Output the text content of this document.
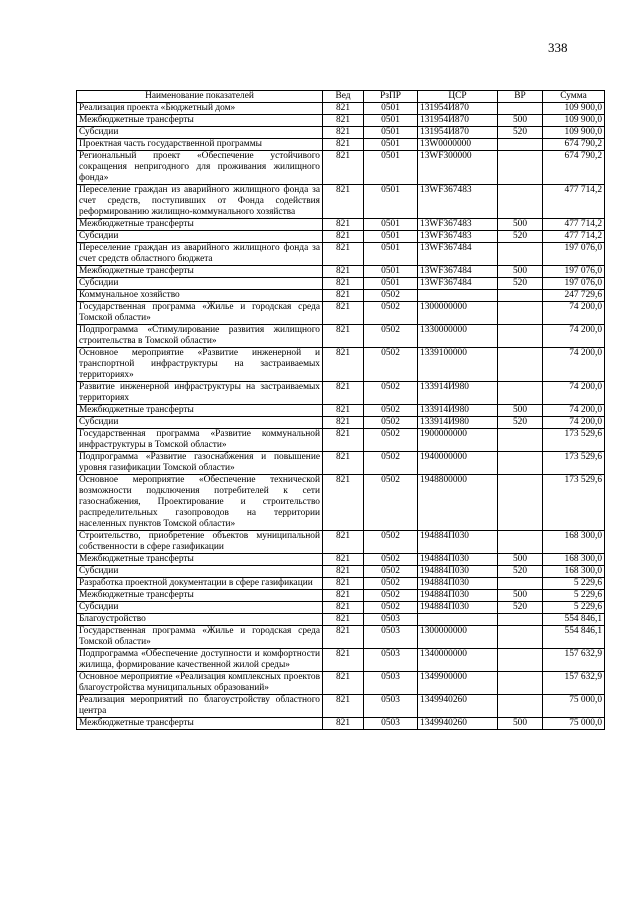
338
Наименование показателей	Вед	РзПР	ЦСР	ВР	Сумма
Реализация проекта «Бюджетный дом»	821	0501	131954И870		109 900,0
Межбюджетные трансферты	821	0501	131954И870	500	109 900,0
Субсидии	821	0501	131954И870	520	109 900,0
Проектная часть государственной программы	821	0501	13W0000000		674 790,2
Региональный проект «Обеспечение устойчивого сокращения непригодного для проживания жилищного фонда»	821	0501	13WF300000		674 790,2
Переселение граждан из аварийного жилищного фонда за счет средств, поступивших от Фонда содействия реформированию жилищно-коммунального хозяйства	821	0501	13WF367483		477 714,2
Межбюджетные трансферты	821	0501	13WF367483	500	477 714,2
Субсидии	821	0501	13WF367483	520	477 714,2
Переселение граждан из аварийного жилищного фонда за счет средств областного бюджета	821	0501	13WF367484		197 076,0
Межбюджетные трансферты	821	0501	13WF367484	500	197 076,0
Субсидии	821	0501	13WF367484	520	197 076,0
Коммунальное хозяйство	821	0502			247 729,6
Государственная программа «Жилье и городская среда Томской области»	821	0502	1300000000		74 200,0
Подпрограмма «Стимулирование развития жилищного строительства в Томской области»	821	0502	1330000000		74 200,0
Основное мероприятие «Развитие инженерной и транспортной инфраструктуры на застраиваемых территориях»	821	0502	1339100000		74 200,0
Развитие инженерной инфраструктуры на застраиваемых территориях	821	0502	133914И980		74 200,0
Межбюджетные трансферты	821	0502	133914И980	500	74 200,0
Субсидии	821	0502	133914И980	520	74 200,0
Государственная программа «Развитие коммунальной инфраструктуры в Томской области»	821	0502	1900000000		173 529,6
Подпрограмма «Развитие газоснабжения и повышение уровня газификации Томской области»	821	0502	1940000000		173 529,6
Основное мероприятие «Обеспечение технической возможности подключения потребителей к сети газоснабжения, Проектирование и строительство распределительных газопроводов на территории населенных пунктов Томской области»	821	0502	1948800000		173 529,6
Строительство, приобретение объектов муниципальной собственности в сфере газификации	821	0502	194884П030		168 300,0
Межбюджетные трансферты	821	0502	194884П030	500	168 300,0
Субсидии	821	0502	194884П030	520	168 300,0
Разработка проектной документации в сфере газификации	821	0502	194884П030		5 229,6
Межбюджетные трансферты	821	0502	194884П030	500	5 229,6
Субсидии	821	0502	194884П030	520	5 229,6
Благоустройство	821	0503			554 846,1
Государственная программа «Жилье и городская среда Томской области»	821	0503	1300000000		554 846,1
Подпрограмма «Обеспечение доступности и комфортности жилища, формирование качественной жилой среды»	821	0503	1340000000		157 632,9
Основное мероприятие «Реализация комплексных проектов благоустройства муниципальных образований»	821	0503	1349900000		157 632,9
Реализация мероприятий по благоустройству областного центра	821	0503	1349940260		75 000,0
Межбюджетные трансферты	821	0503	1349940260	500	75 000,0
